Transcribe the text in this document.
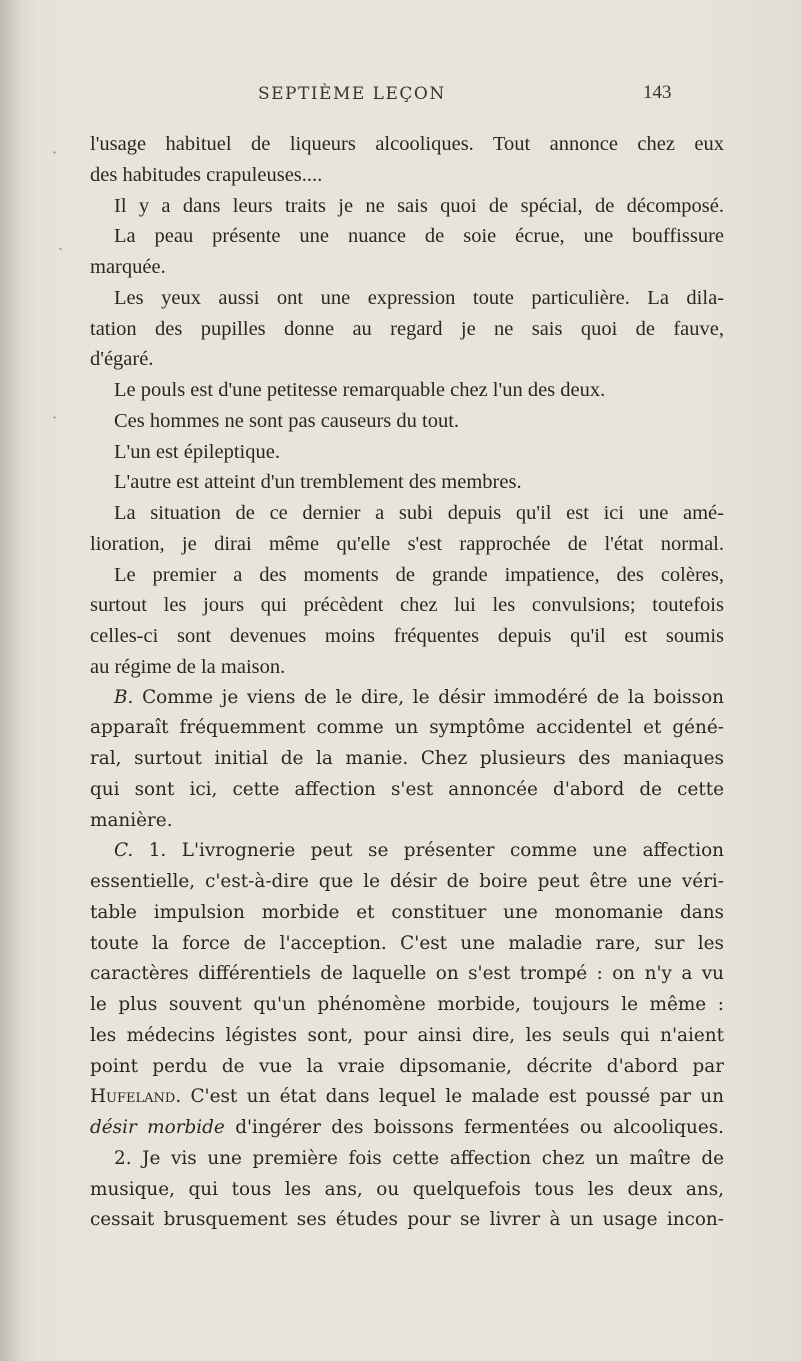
SEPTIÈME LEÇON	143
·
ˏ
·
l'usage habituel de liqueurs alcooliques. Tout annonce chez eux
des habitudes crapuleuses....
Il y a dans leurs traits je ne sais quoi de spécial, de décomposé.
La peau présente une nuance de soie écrue, une bouffissure
marquée.
Les yeux aussi ont une expression toute particulière. La dila-
tation des pupilles donne au regard je ne sais quoi de fauve,
d'égaré.
Le pouls est d'une petitesse remarquable chez l'un des deux.
Ces hommes ne sont pas causeurs du tout.
L'un est épileptique.
L'autre est atteint d'un tremblement des membres.
La situation de ce dernier a subi depuis qu'il est ici une amé-
lioration, je dirai même qu'elle s'est rapprochée de l'état normal.
Le premier a des moments de grande impatience, des colères,
surtout les jours qui précèdent chez lui les convulsions; toutefois
celles-ci sont devenues moins fréquentes depuis qu'il est soumis
au régime de la maison.
B. Comme je viens de le dire, le désir immodéré de la boisson
apparaît fréquemment comme un symptôme accidentel et géné-
ral, surtout initial de la manie. Chez plusieurs des maniaques
qui sont ici, cette affection s'est annoncée d'abord de cette
manière.
C. 1. L'ivrognerie peut se présenter comme une affection
essentielle, c'est-à-dire que le désir de boire peut être une véri-
table impulsion morbide et constituer une monomanie dans
toute la force de l'acception. C'est une maladie rare, sur les
caractères différentiels de laquelle on s'est trompé : on n'y a vu
le plus souvent qu'un phénomène morbide, toujours le même :
les médecins légistes sont, pour ainsi dire, les seuls qui n'aient
point perdu de vue la vraie dipsomanie, décrite d'abord par
Hufeland. C'est un état dans lequel le malade est poussé par un
désir morbide d'ingérer des boissons fermentées ou alcooliques.
2. Je vis une première fois cette affection chez un maître de
musique, qui tous les ans, ou quelquefois tous les deux ans,
cessait brusquement ses études pour se livrer à un usage incon-
